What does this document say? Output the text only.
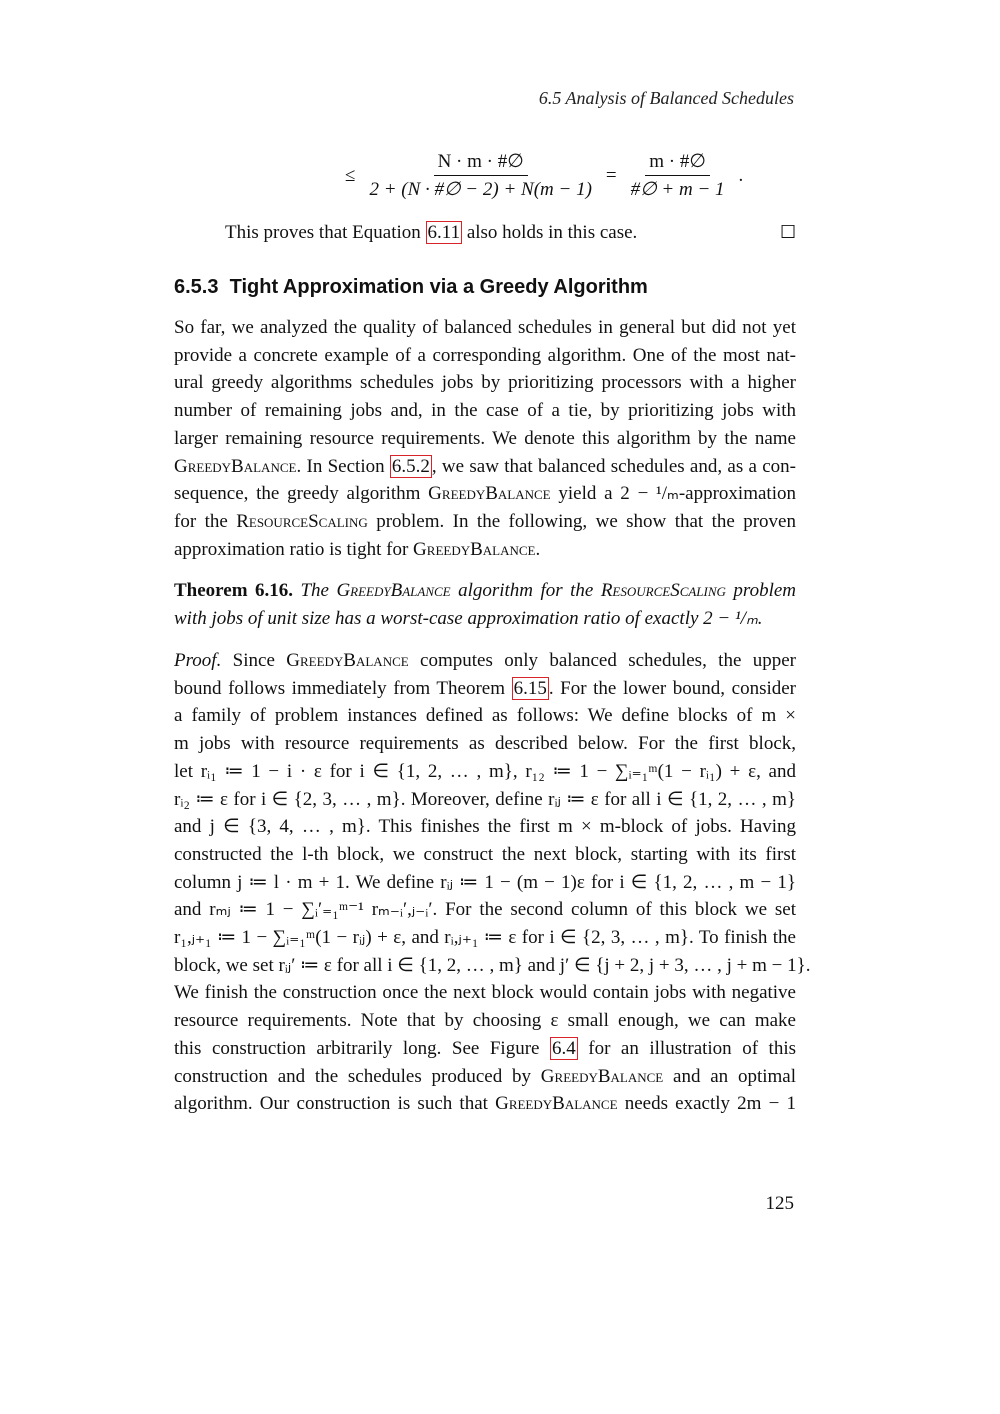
6.5 Analysis of Balanced Schedules
≤ $\frac{N \cdot m \cdot \#\emptyset}{2 + (N \cdot \#\emptyset - 2) + N(m - 1)} = \frac{m \cdot \#\emptyset}{\#\emptyset + m - 1}$ .
This proves that Equation 6.11 also holds in this case.	☐
6.5.3 Tight Approximation via a Greedy Algorithm
So far, we analyzed the quality of balanced schedules in general but did not yet
provide a concrete example of a corresponding algorithm. One of the most nat-
ural greedy algorithms schedules jobs by prioritizing processors with a higher
number of remaining jobs and, in the case of a tie, by prioritizing jobs with
larger remaining resource requirements. We denote this algorithm by the name
GreedyBalance. In Section 6.5.2 , we saw that balanced schedules and, as a con-
sequence, the greedy algorithm GreedyBalance yield a 2 − ¹/ₘ-approximation
for the ResourceScaling problem. In the following, we show that the proven
approximation ratio is tight for GreedyBalance.
Theorem 6.16. The GreedyBalance algorithm for the ResourceScaling problem
with jobs of unit size has a worst-case approximation ratio of exactly 2 − ¹/ₘ.
Proof. Since GreedyBalance computes only balanced schedules, the upper
bound follows immediately from Theorem 6.15 . For the lower bound, consider
a family of problem instances defined as follows: We define blocks of m ×
m jobs with resource requirements as described below. For the first block,
let rᵢ₁ ≔ 1 − i · ε for i ∈ {1, 2, … , m}, r₁₂ ≔ 1 − ∑ᵢ₌₁ᵐ(1 − rᵢ₁) + ε, and
rᵢ₂ ≔ ε for i ∈ {2, 3, … , m}. Moreover, define rᵢⱼ ≔ ε for all i ∈ {1, 2, … , m}
and j ∈ {3, 4, … , m}. This finishes the first m × m-block of jobs. Having
constructed the l-th block, we construct the next block, starting with its first
column j ≔ l · m + 1. We define rᵢⱼ ≔ 1 − (m − 1)ε for i ∈ {1, 2, … , m − 1}
and rₘⱼ ≔ 1 − ∑ᵢ′₌₁ᵐ⁻¹ rₘ₋ᵢ′,ⱼ₋ᵢ′. For the second column of this block we set
r₁,ⱼ₊₁ ≔ 1 − ∑ᵢ₌₁ᵐ(1 − rᵢⱼ) + ε, and rᵢ,ⱼ₊₁ ≔ ε for i ∈ {2, 3, … , m}. To finish the
block, we set rᵢⱼ′ ≔ ε for all i ∈ {1, 2, … , m} and j′ ∈ {j + 2, j + 3, … , j + m − 1}.
We finish the construction once the next block would contain jobs with negative
resource requirements. Note that by choosing ε small enough, we can make
this construction arbitrarily long. See Figure 6.4 for an illustration of this
construction and the schedules produced by GreedyBalance and an optimal
algorithm. Our construction is such that GreedyBalance needs exactly 2m − 1
125
